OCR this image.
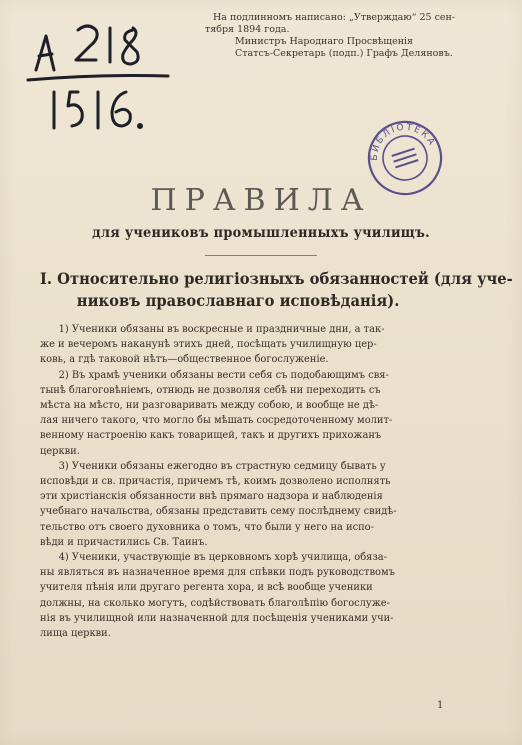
На подлинномъ написано: „Утверждаю“ 25 сен-
тября 1894 года.
Министръ Народнаго Просвѣщенія
Статсъ-Секретарь (подп.) Графъ Деляновъ.
БИБЛІОТЕКА
ПРАВИЛА
для учениковъ промышленныхъ училищъ.
I. Относительно религіозныхъ обязанностей (для уче-
никовъ православнаго исповѣданія).
1) Ученики обязаны въ воскресные и праздничные дни, а так-
же и вечеромъ наканунѣ этихъ дней, посѣщать училищную цер-
ковь, а гдѣ таковой нѣтъ—общественное богослуженіе.
2) Въ храмѣ ученики обязаны вести себя съ подобающимъ свя-
тынѣ благоговѣніемъ, отнюдь не дозволяя себѣ ни переходить съ
мѣста на мѣсто, ни разговаривать между собою, и вообще не дѣ-
лая ничего такого, что могло бы мѣшать сосредоточенному молит-
венному настроенію какъ товарищей, такъ и другихъ прихожанъ
церкви.
3) Ученики обязаны ежегодно въ страстную седмицу бывать у
исповѣди и св. причастія, причемъ тѣ, коимъ дозволено исполнять
эти христіанскія обязанности внѣ прямаго надзора и наблюденія
учебнаго начальства, обязаны представить сему послѣднему свидѣ-
тельство отъ своего духовника о томъ, что были у него на испо-
вѣди и причастились Св. Таинъ.
4) Ученики, участвующіе въ церковномъ хорѣ училища, обяза-
ны являться въ назначенное время для спѣвки подъ руководствомъ
учителя пѣнія или другаго регента хора, и всѣ вообще ученики
должны, на сколько могутъ, содѣйствовать благолѣпію богослуже-
нія въ училищной или назначенной для посѣщенія учениками учи-
лища церкви.
1
